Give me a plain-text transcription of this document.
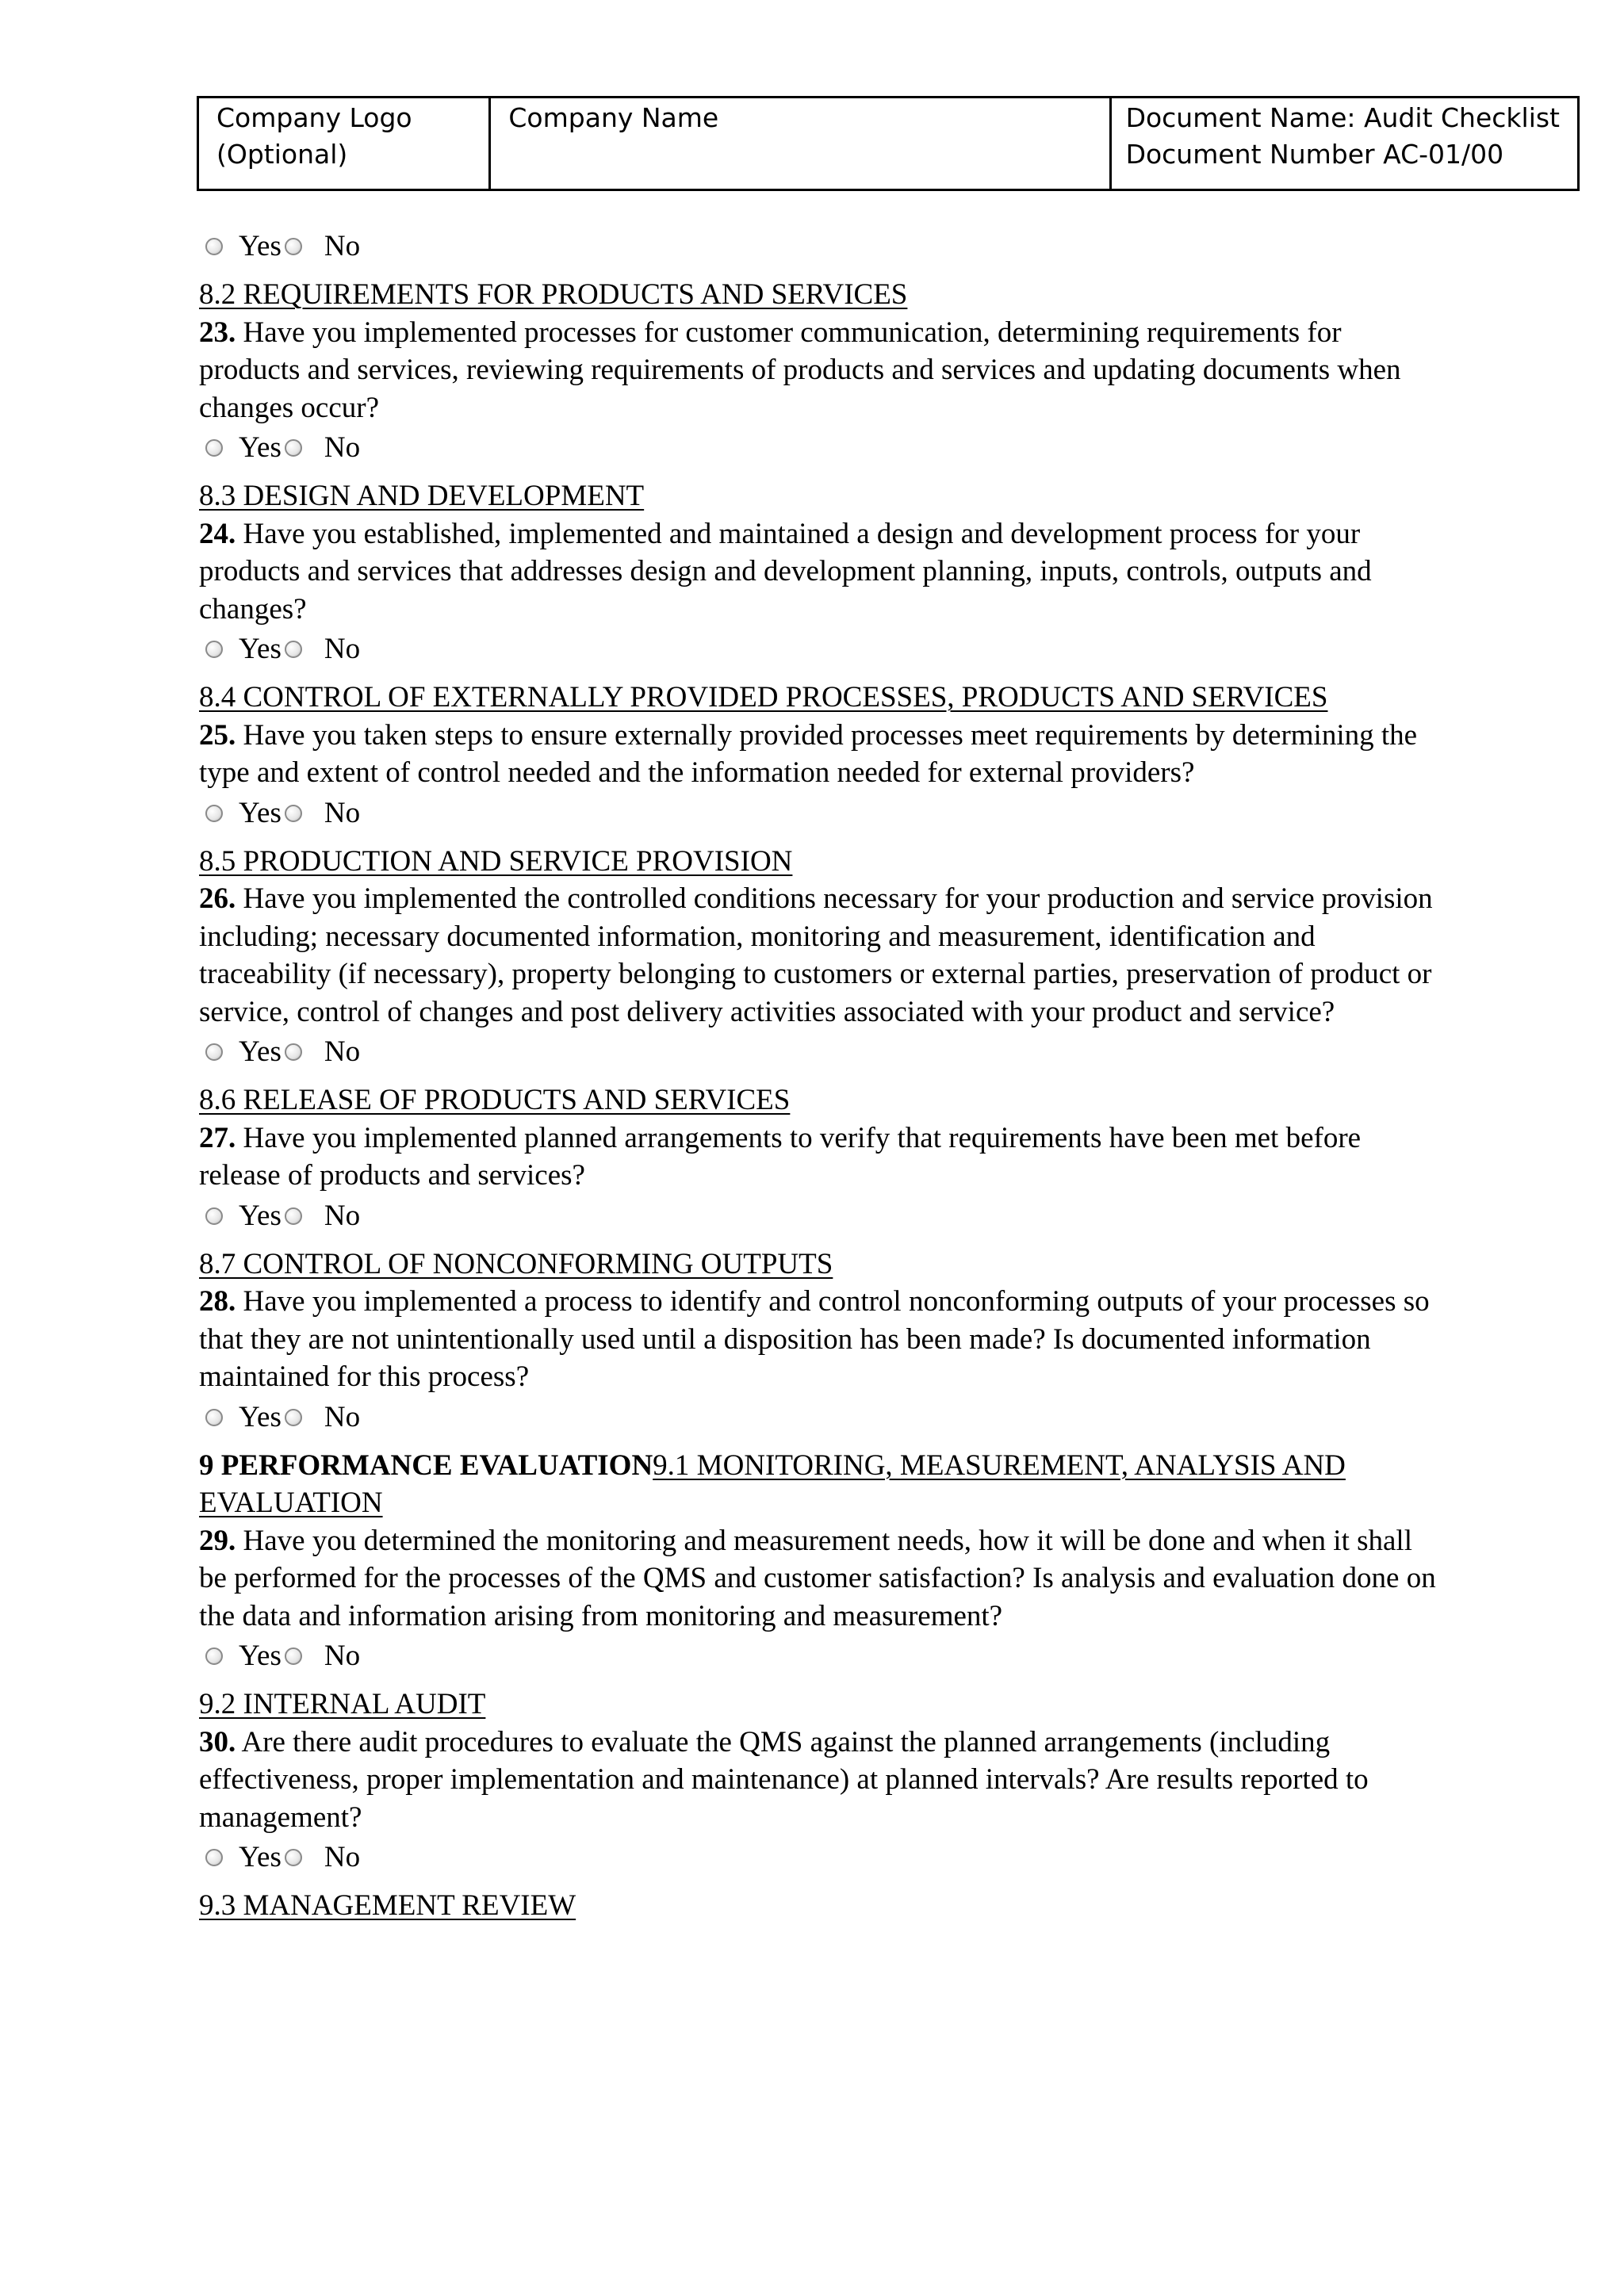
Company Logo
(Optional)
Company Name	Document Name: Audit Checklist
Document Number AC-01/00
Yes No
8.2 REQUIREMENTS FOR PRODUCTS AND SERVICES
23. Have you implemented processes for customer communication, determining requirements for products and services, reviewing requirements of products and services and updating documents when changes occur?
Yes No
8.3 DESIGN AND DEVELOPMENT
24. Have you established, implemented and maintained a design and development process for your products and services that addresses design and development planning, inputs, controls, outputs and changes?
Yes No
8.4 CONTROL OF EXTERNALLY PROVIDED PROCESSES, PRODUCTS AND SERVICES
25. Have you taken steps to ensure externally provided processes meet requirements by determining the type and extent of control needed and the information needed for external providers?
Yes No
8.5 PRODUCTION AND SERVICE PROVISION
26. Have you implemented the controlled conditions necessary for your production and service provision including; necessary documented information, monitoring and measurement, identification and traceability (if necessary), property belonging to customers or external parties, preservation of product or service, control of changes and post delivery activities associated with your product and service?
Yes No
8.6 RELEASE OF PRODUCTS AND SERVICES
27. Have you implemented planned arrangements to verify that requirements have been met before release of products and services?
Yes No
8.7 CONTROL OF NONCONFORMING OUTPUTS
28. Have you implemented a process to identify and control nonconforming outputs of your processes so that they are not unintentionally used until a disposition has been made? Is documented information maintained for this process?
Yes No
9 PERFORMANCE EVALUATION9.1 MONITORING, MEASUREMENT, ANALYSIS AND EVALUATION
29. Have you determined the monitoring and measurement needs, how it will be done and when it shall be performed for the processes of the QMS and customer satisfaction? Is analysis and evaluation done on the data and information arising from monitoring and measurement?
Yes No
9.2 INTERNAL AUDIT
30. Are there audit procedures to evaluate the QMS against the planned arrangements (including effectiveness, proper implementation and maintenance) at planned intervals? Are results reported to management?
Yes No
9.3 MANAGEMENT REVIEW
